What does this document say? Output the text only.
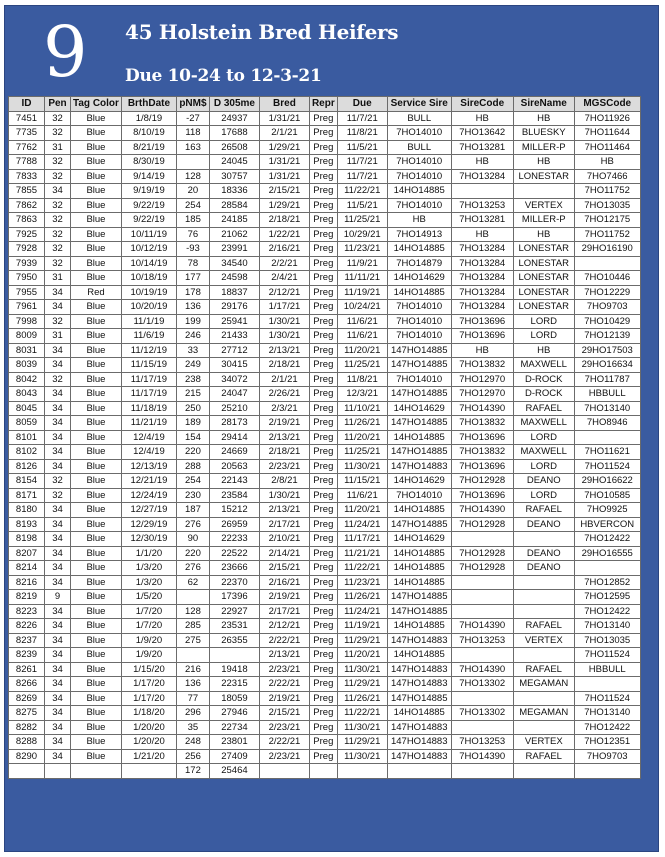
9 45 Holstein Bred Heifers
Due 10-24 to 12-3-21
ID	Pen	Tag Color	BrthDate	pNM$	D 305me	Bred	Repr	Due	Service Sire	SireCode	SireName	MGSCode
7451	32	Blue	1/8/19	-27	24937	1/31/21	Preg	11/7/21	BULL	HB	HB	7HO11926
7735	32	Blue	8/10/19	118	17688	2/1/21	Preg	11/8/21	7HO14010	7HO13642	BLUESKY	7HO11644
7762	31	Blue	8/21/19	163	26508	1/29/21	Preg	11/5/21	BULL	7HO13281	MILLER-P	7HO11464
7788	32	Blue	8/30/19		24045	1/31/21	Preg	11/7/21	7HO14010	HB	HB	HB
7833	32	Blue	9/14/19	128	30757	1/31/21	Preg	11/7/21	7HO14010	7HO13284	LONESTAR	7HO7466
7855	34	Blue	9/19/19	20	18336	2/15/21	Preg	11/22/21	14HO14885			7HO11752
7862	32	Blue	9/22/19	254	28584	1/29/21	Preg	11/5/21	7HO14010	7HO13253	VERTEX	7HO13035
7863	32	Blue	9/22/19	185	24185	2/18/21	Preg	11/25/21	HB	7HO13281	MILLER-P	7HO12175
7925	32	Blue	10/11/19	76	21062	1/22/21	Preg	10/29/21	7HO14913	HB	HB	7HO11752
7928	32	Blue	10/12/19	-93	23991	2/16/21	Preg	11/23/21	14HO14885	7HO13284	LONESTAR	29HO16190
7939	32	Blue	10/14/19	78	34540	2/2/21	Preg	11/9/21	7HO14879	7HO13284	LONESTAR	
7950	31	Blue	10/18/19	177	24598	2/4/21	Preg	11/11/21	14HO14629	7HO13284	LONESTAR	7HO10446
7955	34	Red	10/19/19	178	18837	2/12/21	Preg	11/19/21	14HO14885	7HO13284	LONESTAR	7HO12229
7961	34	Blue	10/20/19	136	29176	1/17/21	Preg	10/24/21	7HO14010	7HO13284	LONESTAR	7HO9703
7998	32	Blue	11/1/19	199	25941	1/30/21	Preg	11/6/21	7HO14010	7HO13696	LORD	7HO10429
8009	31	Blue	11/6/19	246	21433	1/30/21	Preg	11/6/21	7HO14010	7HO13696	LORD	7HO12139
8031	34	Blue	11/12/19	33	27712	2/13/21	Preg	11/20/21	147HO14885	HB	HB	29HO17503
8039	34	Blue	11/15/19	249	30415	2/18/21	Preg	11/25/21	147HO14885	7HO13832	MAXWELL	29HO16634
8042	32	Blue	11/17/19	238	34072	2/1/21	Preg	11/8/21	7HO14010	7HO12970	D-ROCK	7HO11787
8043	34	Blue	11/17/19	215	24047	2/26/21	Preg	12/3/21	147HO14885	7HO12970	D-ROCK	HBBULL
8045	34	Blue	11/18/19	250	25210	2/3/21	Preg	11/10/21	14HO14629	7HO14390	RAFAEL	7HO13140
8059	34	Blue	11/21/19	189	28173	2/19/21	Preg	11/26/21	147HO14885	7HO13832	MAXWELL	7HO8946
8101	34	Blue	12/4/19	154	29414	2/13/21	Preg	11/20/21	14HO14885	7HO13696	LORD	
8102	34	Blue	12/4/19	220	24669	2/18/21	Preg	11/25/21	147HO14885	7HO13832	MAXWELL	7HO11621
8126	34	Blue	12/13/19	288	20563	2/23/21	Preg	11/30/21	147HO14883	7HO13696	LORD	7HO11524
8154	32	Blue	12/21/19	254	22143	2/8/21	Preg	11/15/21	14HO14629	7HO12928	DEANO	29HO16622
8171	32	Blue	12/24/19	230	23584	1/30/21	Preg	11/6/21	7HO14010	7HO13696	LORD	7HO10585
8180	34	Blue	12/27/19	187	15212	2/13/21	Preg	11/20/21	14HO14885	7HO14390	RAFAEL	7HO9925
8193	34	Blue	12/29/19	276	26959	2/17/21	Preg	11/24/21	147HO14885	7HO12928	DEANO	HBVERCON
8198	34	Blue	12/30/19	90	22233	2/10/21	Preg	11/17/21	14HO14629			7HO12422
8207	34	Blue	1/1/20	220	22522	2/14/21	Preg	11/21/21	14HO14885	7HO12928	DEANO	29HO16555
8214	34	Blue	1/3/20	276	23666	2/15/21	Preg	11/22/21	14HO14885	7HO12928	DEANO	
8216	34	Blue	1/3/20	62	22370	2/16/21	Preg	11/23/21	14HO14885			7HO12852
8219	9	Blue	1/5/20		17396	2/19/21	Preg	11/26/21	147HO14885			7HO12595
8223	34	Blue	1/7/20	128	22927	2/17/21	Preg	11/24/21	147HO14885			7HO12422
8226	34	Blue	1/7/20	285	23531	2/12/21	Preg	11/19/21	14HO14885	7HO14390	RAFAEL	7HO13140
8237	34	Blue	1/9/20	275	26355	2/22/21	Preg	11/29/21	147HO14883	7HO13253	VERTEX	7HO13035
8239	34	Blue	1/9/20			2/13/21	Preg	11/20/21	14HO14885			7HO11524
8261	34	Blue	1/15/20	216	19418	2/23/21	Preg	11/30/21	147HO14883	7HO14390	RAFAEL	HBBULL
8266	34	Blue	1/17/20	136	22315	2/22/21	Preg	11/29/21	147HO14883	7HO13302	MEGAMAN	
8269	34	Blue	1/17/20	77	18059	2/19/21	Preg	11/26/21	147HO14885			7HO11524
8275	34	Blue	1/18/20	296	27946	2/15/21	Preg	11/22/21	14HO14885	7HO13302	MEGAMAN	7HO13140
8282	34	Blue	1/20/20	35	22734	2/23/21	Preg	11/30/21	147HO14883			7HO12422
8288	34	Blue	1/20/20	248	23801	2/22/21	Preg	11/29/21	147HO14883	7HO13253	VERTEX	7HO12351
8290	34	Blue	1/21/20	256	27409	2/23/21	Preg	11/30/21	147HO14883	7HO14390	RAFAEL	7HO9703
				172	25464							
